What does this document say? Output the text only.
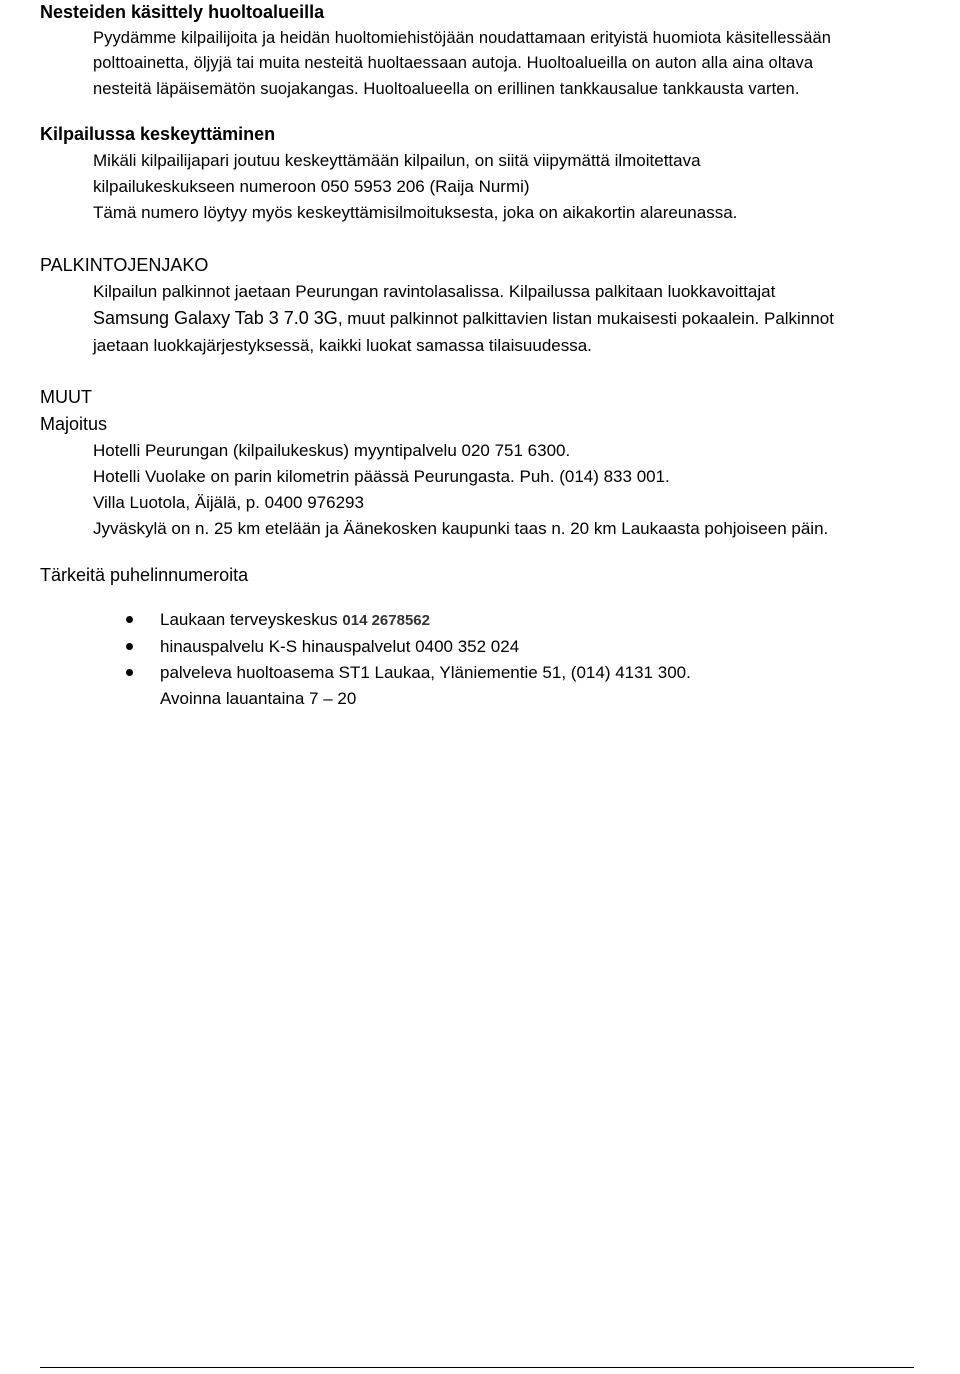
Nesteiden käsittely huoltoalueilla
Pyydämme kilpailijoita ja heidän huoltomiehistöjään noudattamaan erityistä huomiota käsitellessään
polttoainetta, öljyjä tai muita nesteitä huoltaessaan autoja. Huoltoalueilla on auton alla aina oltava
nesteitä läpäisemätön suojakangas. Huoltoalueella on erillinen tankkausalue tankkausta varten.
Kilpailussa keskeyttäminen
Mikäli kilpailijapari joutuu keskeyttämään kilpailun, on siitä viipymättä ilmoitettava
kilpailukeskukseen numeroon 050 5953 206 (Raija Nurmi)
Tämä numero löytyy myös keskeyttämisilmoituksesta, joka on aikakortin alareunassa.
PALKINTOJENJAKO
Kilpailun palkinnot jaetaan Peurungan ravintolasalissa. Kilpailussa palkitaan luokkavoittajat
Samsung Galaxy Tab 3 7.0 3G, muut palkinnot palkittavien listan mukaisesti pokaalein. Palkinnot
jaetaan luokkajärjestyksessä, kaikki luokat samassa tilaisuudessa.
MUUT
Majoitus
Hotelli Peurungan (kilpailukeskus) myyntipalvelu 020 751 6300.
Hotelli Vuolake on parin kilometrin päässä Peurungasta. Puh. (014) 833 001.
Villa Luotola, Äijälä, p. 0400 976293
Jyväskylä on n. 25 km etelään ja Äänekosken kaupunki taas n. 20 km Laukaasta pohjoiseen päin.
Tärkeitä puhelinnumeroita
Laukaan terveyskeskus 014 2678562
hinauspalvelu K-S hinauspalvelut 0400 352 024
palveleva huoltoasema ST1 Laukaa, Yläniementie 51, (014) 4131 300.
Avoinna lauantaina 7 – 20
